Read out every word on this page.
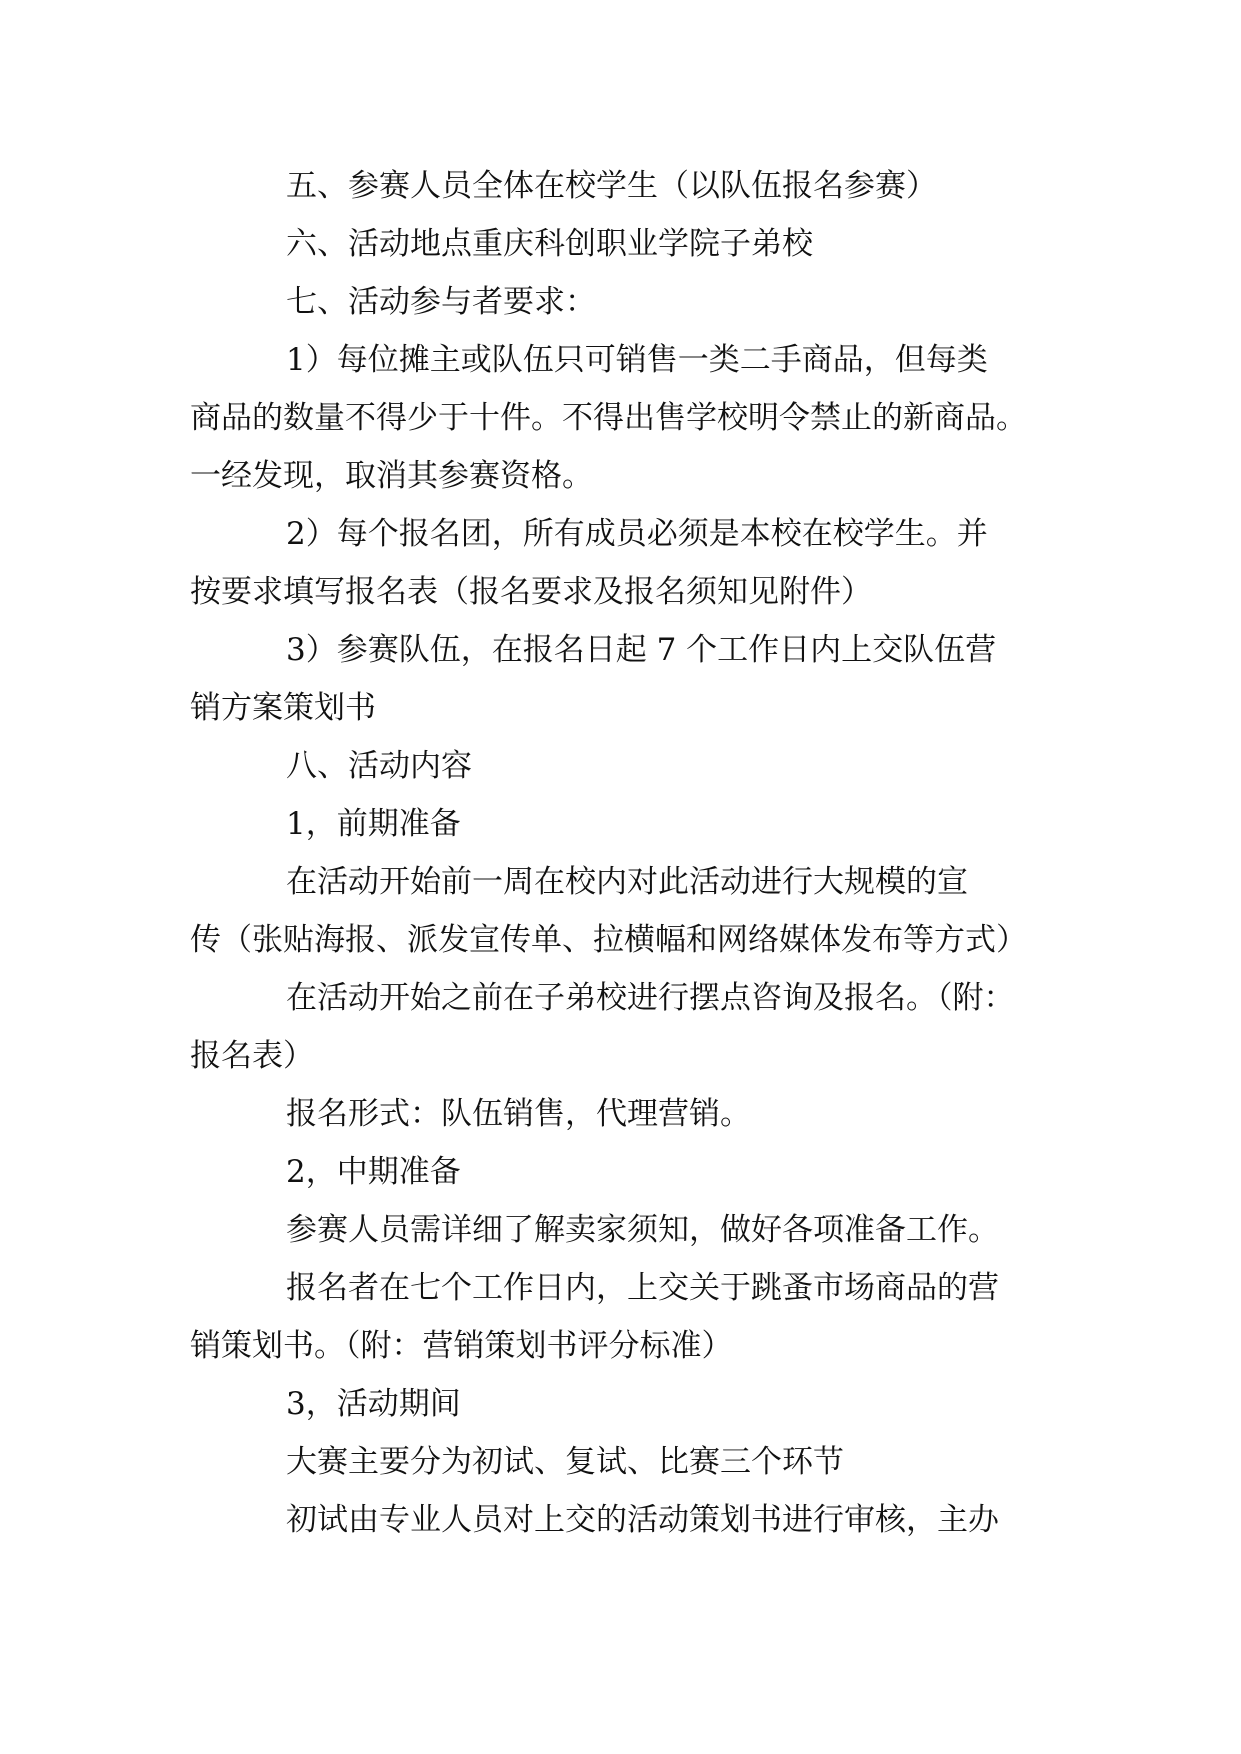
五、参赛人员全体在校学生（以队伍报名参赛）

六、活动地点重庆科创职业学院子弟校

七、活动参与者要求：

1）每位摊主或队伍只可销售一类二手商品，但每类

商品的数量不得少于十件。不得出售学校明令禁止的新商品。

一经发现，取消其参赛资格。

2）每个报名团，所有成员必须是本校在校学生。并

按要求填写报名表（报名要求及报名须知见附件）

3）参赛队伍，在报名日起 7 个工作日内上交队伍营

销方案策划书

八、活动内容

1，前期准备

在活动开始前一周在校内对此活动进行大规模的宣

传（张贴海报、派发宣传单、拉横幅和网络媒体发布等方式）

在活动开始之前在子弟校进行摆点咨询及报名。（附：

报名表）

报名形式：队伍销售，代理营销。

2，中期准备

参赛人员需详细了解卖家须知，做好各项准备工作。

报名者在七个工作日内，上交关于跳蚤市场商品的营

销策划书。（附：营销策划书评分标准）

3，活动期间

大赛主要分为初试、复试、比赛三个环节

初试由专业人员对上交的活动策划书进行审核，主办
